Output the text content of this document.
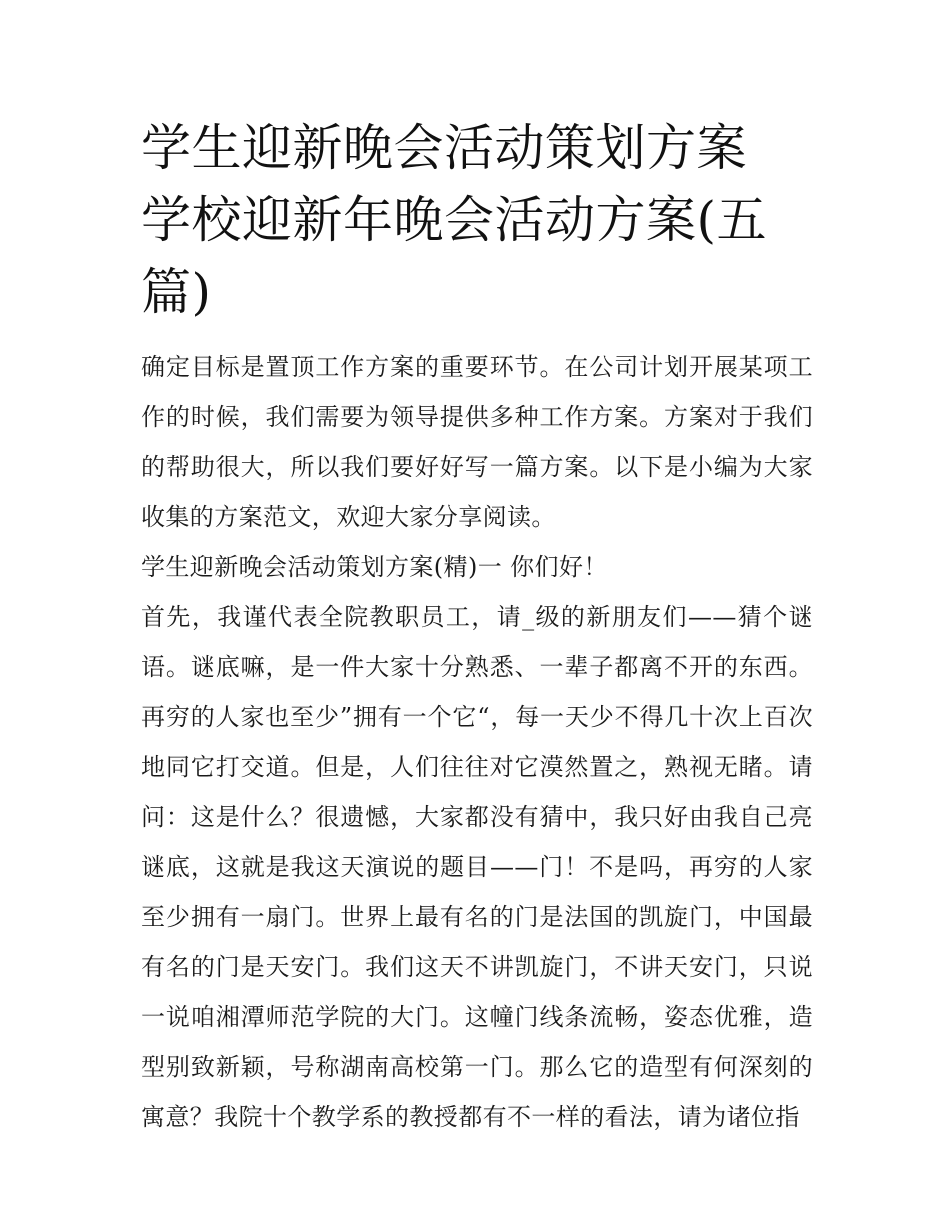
学生迎新晚会活动策划方案 学校迎新年晚会活动方案(五篇)

确定目标是置顶工作方案的重要环节。在公司计划开展某项工作的时候，我们需要为领导提供多种工作方案。方案对于我们的帮助很大，所以我们要好好写一篇方案。以下是小编为大家收集的方案范文，欢迎大家分享阅读。

学生迎新晚会活动策划方案(精)一 你们好！

首先，我谨代表全院教职员工，请_级的新朋友们——猜个谜语。谜底嘛，是一件大家十分熟悉、一辈子都离不开的东西。再穷的人家也至少”拥有一个它“，每一天少不得几十次上百次地同它打交道。但是，人们往往对它漠然置之，熟视无睹。请问：这是什么？很遗憾，大家都没有猜中，我只好由我自己亮谜底，这就是我这天演说的题目——门！不是吗，再穷的人家至少拥有一扇门。世界上最有名的门是法国的凯旋门，中国最有名的门是天安门。我们这天不讲凯旋门，不讲天安门，只说一说咱湘潭师范学院的大门。这幢门线条流畅，姿态优雅，造型别致新颖，号称湖南高校第一门。那么它的造型有何深刻的寓意？我院十个教学系的教授都有不一样的看法，请为诸位指
